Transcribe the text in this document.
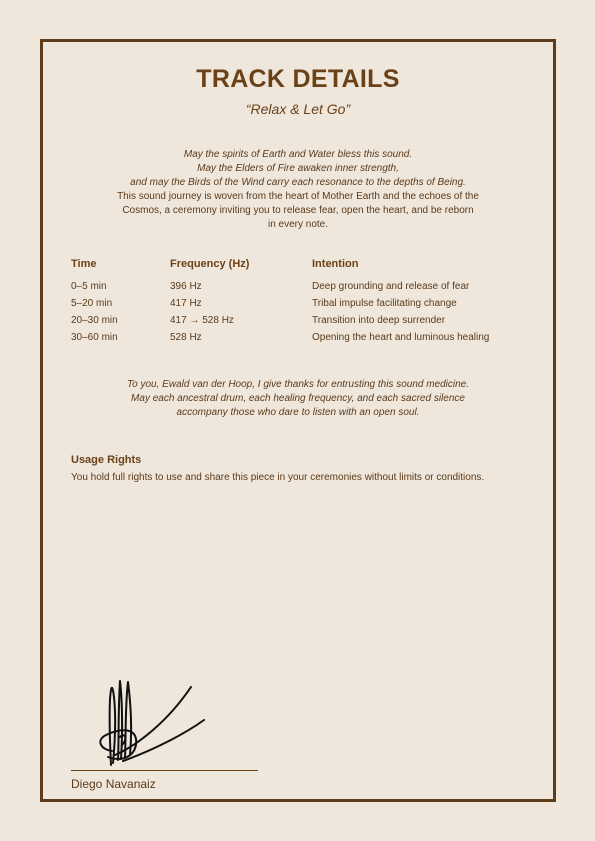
TRACK DETAILS
“Relax & Let Go”
May the spirits of Earth and Water bless this sound.
May the Elders of Fire awaken inner strength,
and may the Birds of the Wind carry each resonance to the depths of Being.
This sound journey is woven from the heart of Mother Earth and the echoes of the
Cosmos, a ceremony inviting you to release fear, open the heart, and be reborn
in every note.
Time	Frequency (Hz)	Intention
0–5 min	396 Hz	Deep grounding and release of fear
5–20 min	417 Hz	Tribal impulse facilitating change
20–30 min	417 → 528 Hz	Transition into deep surrender
30–60 min	528 Hz	Opening the heart and luminous healing
To you, Ewald van der Hoop, I give thanks for entrusting this sound medicine.
May each ancestral drum, each healing frequency, and each sacred silence
accompany those who dare to listen with an open soul.
Usage Rights
You hold full rights to use and share this piece in your ceremonies without limits or conditions.
Diego Navanaiz
